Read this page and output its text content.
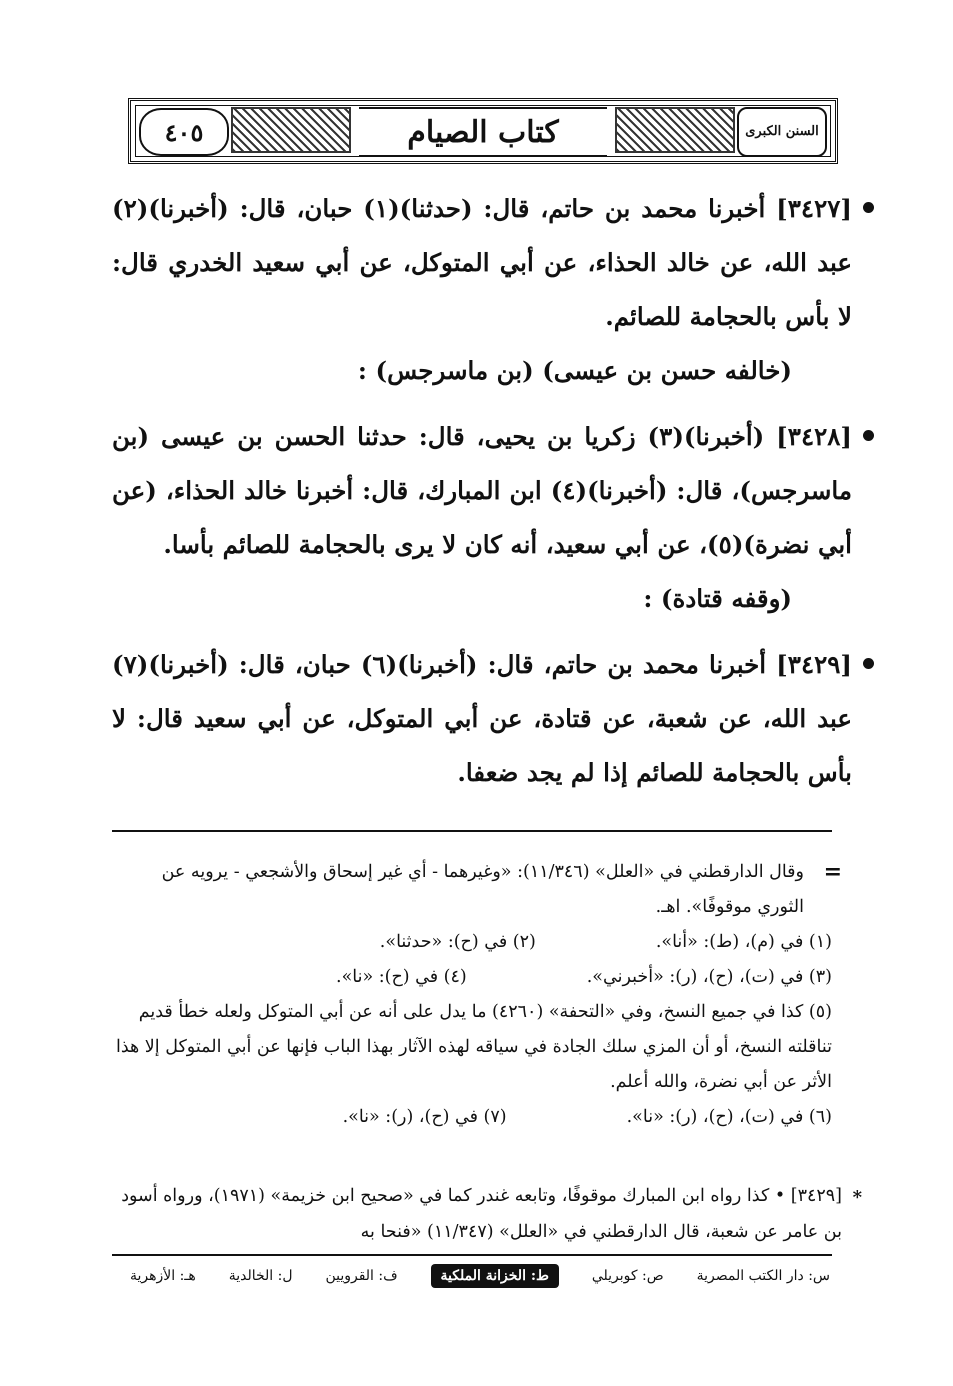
٤٠٥	كتاب الصيام	السنن الكبرى

[٣٤٢٧] أخبرنا محمد بن حاتم، قال: (حدثنا)(١) حبان، قال: (أخبرنا)(٢) عبد الله، عن خالد الحذاء، عن أبي المتوكل، عن أبي سعيد الخدري قال: لا بأس بالحجامة للصائم.

(خالفه حسن بن عيسى) (بن ماسرجس) :

[٣٤٢٨] (أخبرنا)(٣) زكريا بن يحيى، قال: حدثنا الحسن بن عيسى (بن ماسرجس)، قال: (أخبرنا)(٤) ابن المبارك، قال: أخبرنا خالد الحذاء، (عن أبي نضرة)(٥)، عن أبي سعيد، أنه كان لا يرى بالحجامة للصائم بأسا.

(وقفه قتادة) :

[٣٤٢٩] أخبرنا محمد بن حاتم، قال: (أخبرنا)(٦) حبان، قال: (أخبرنا)(٧) عبد الله، عن شعبة، عن قتادة، عن أبي المتوكل، عن أبي سعيد قال: لا بأس بالحجامة للصائم إذا لم يجد ضعفا.

=

وقال الدارقطني في «العلل» (١١/٣٤٦): «وغيرهما - أي غير إسحاق والأشجعي - يرويه عن الثوري موقوفًا». اهـ.

(١) في (م)، (ط): «أنا».
(٢) في (ح): «حدثنا».
(٣) في (ت)، (ح)، (ر): «أخبرني».
(٤) في (ح): «نا».

(٥) كذا في جميع النسخ، وفي «التحفة» (٤٢٦٠) ما يدل على أنه عن أبي المتوكل ولعله خطأ قديم تناقلته النسخ، أو أن المزي سلك الجادة في سياقه لهذه الآثار بهذا الباب فإنها عن أبي المتوكل إلا هذا الأثر عن أبي نضرة، والله أعلم.

(٦) في (ت)، (ح)، (ر): «نا».
(٧) في (ح)، (ر): «نا».
*

[٣٤٢٩] • كذا رواه ابن المبارك موقوفًا، وتابعه غندر كما في «صحيح ابن خزيمة» (١٩٧١)، ورواه أسود بن عامر عن شعبة، قال الدارقطني في «العلل» (١١/٣٤٧) «فنحا به

س: دار الكتب المصرية
ص: كوبريلي
ط: الخزانة الملكية
ف: القرويين
ل: الخالدية
هـ: الأزهرية
